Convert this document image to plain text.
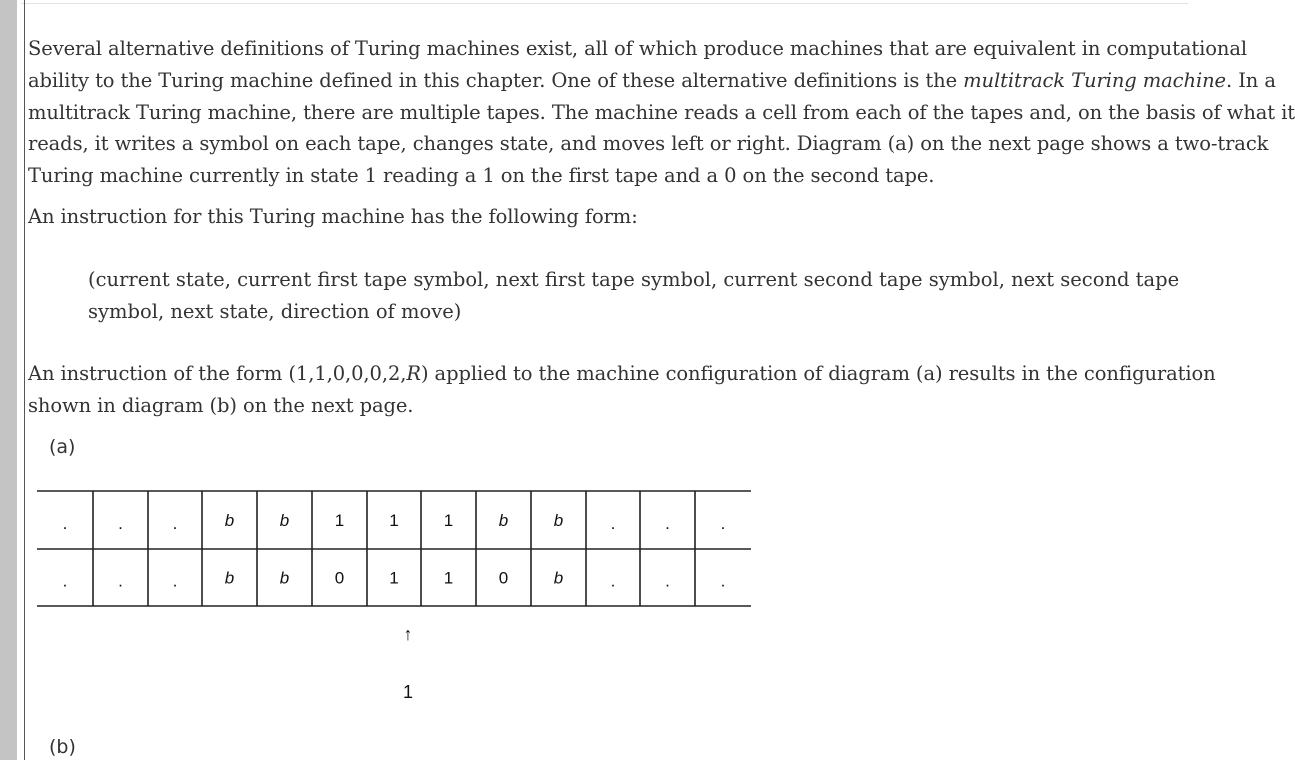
Several alternative definitions of Turing machines exist, all of which produce machines that are equivalent in computational
ability to the Turing machine defined in this chapter. One of these alternative definitions is the multitrack Turing machine. In a
multitrack Turing machine, there are multiple tapes. The machine reads a cell from each of the tapes and, on the basis of what it
reads, it writes a symbol on each tape, changes state, and moves left or right. Diagram (a) on the next page shows a two-track
Turing machine currently in state 1 reading a 1 on the first tape and a 0 on the second tape.

An instruction for this Turing machine has the following form:

(current state, current first tape symbol, next first tape symbol, current second tape symbol, next second tape
symbol, next state, direction of move)

An instruction of the form (1,1,0,0,0,2,R) applied to the machine configuration of diagram (a) results in the configuration
shown in diagram (b) on the next page.

(a)
.	.	.	b	b	1	1	1	b	b	.	.	.
.	.	.	b	b	0	1	1	0	b	.	.	.
↑
1
(b)
